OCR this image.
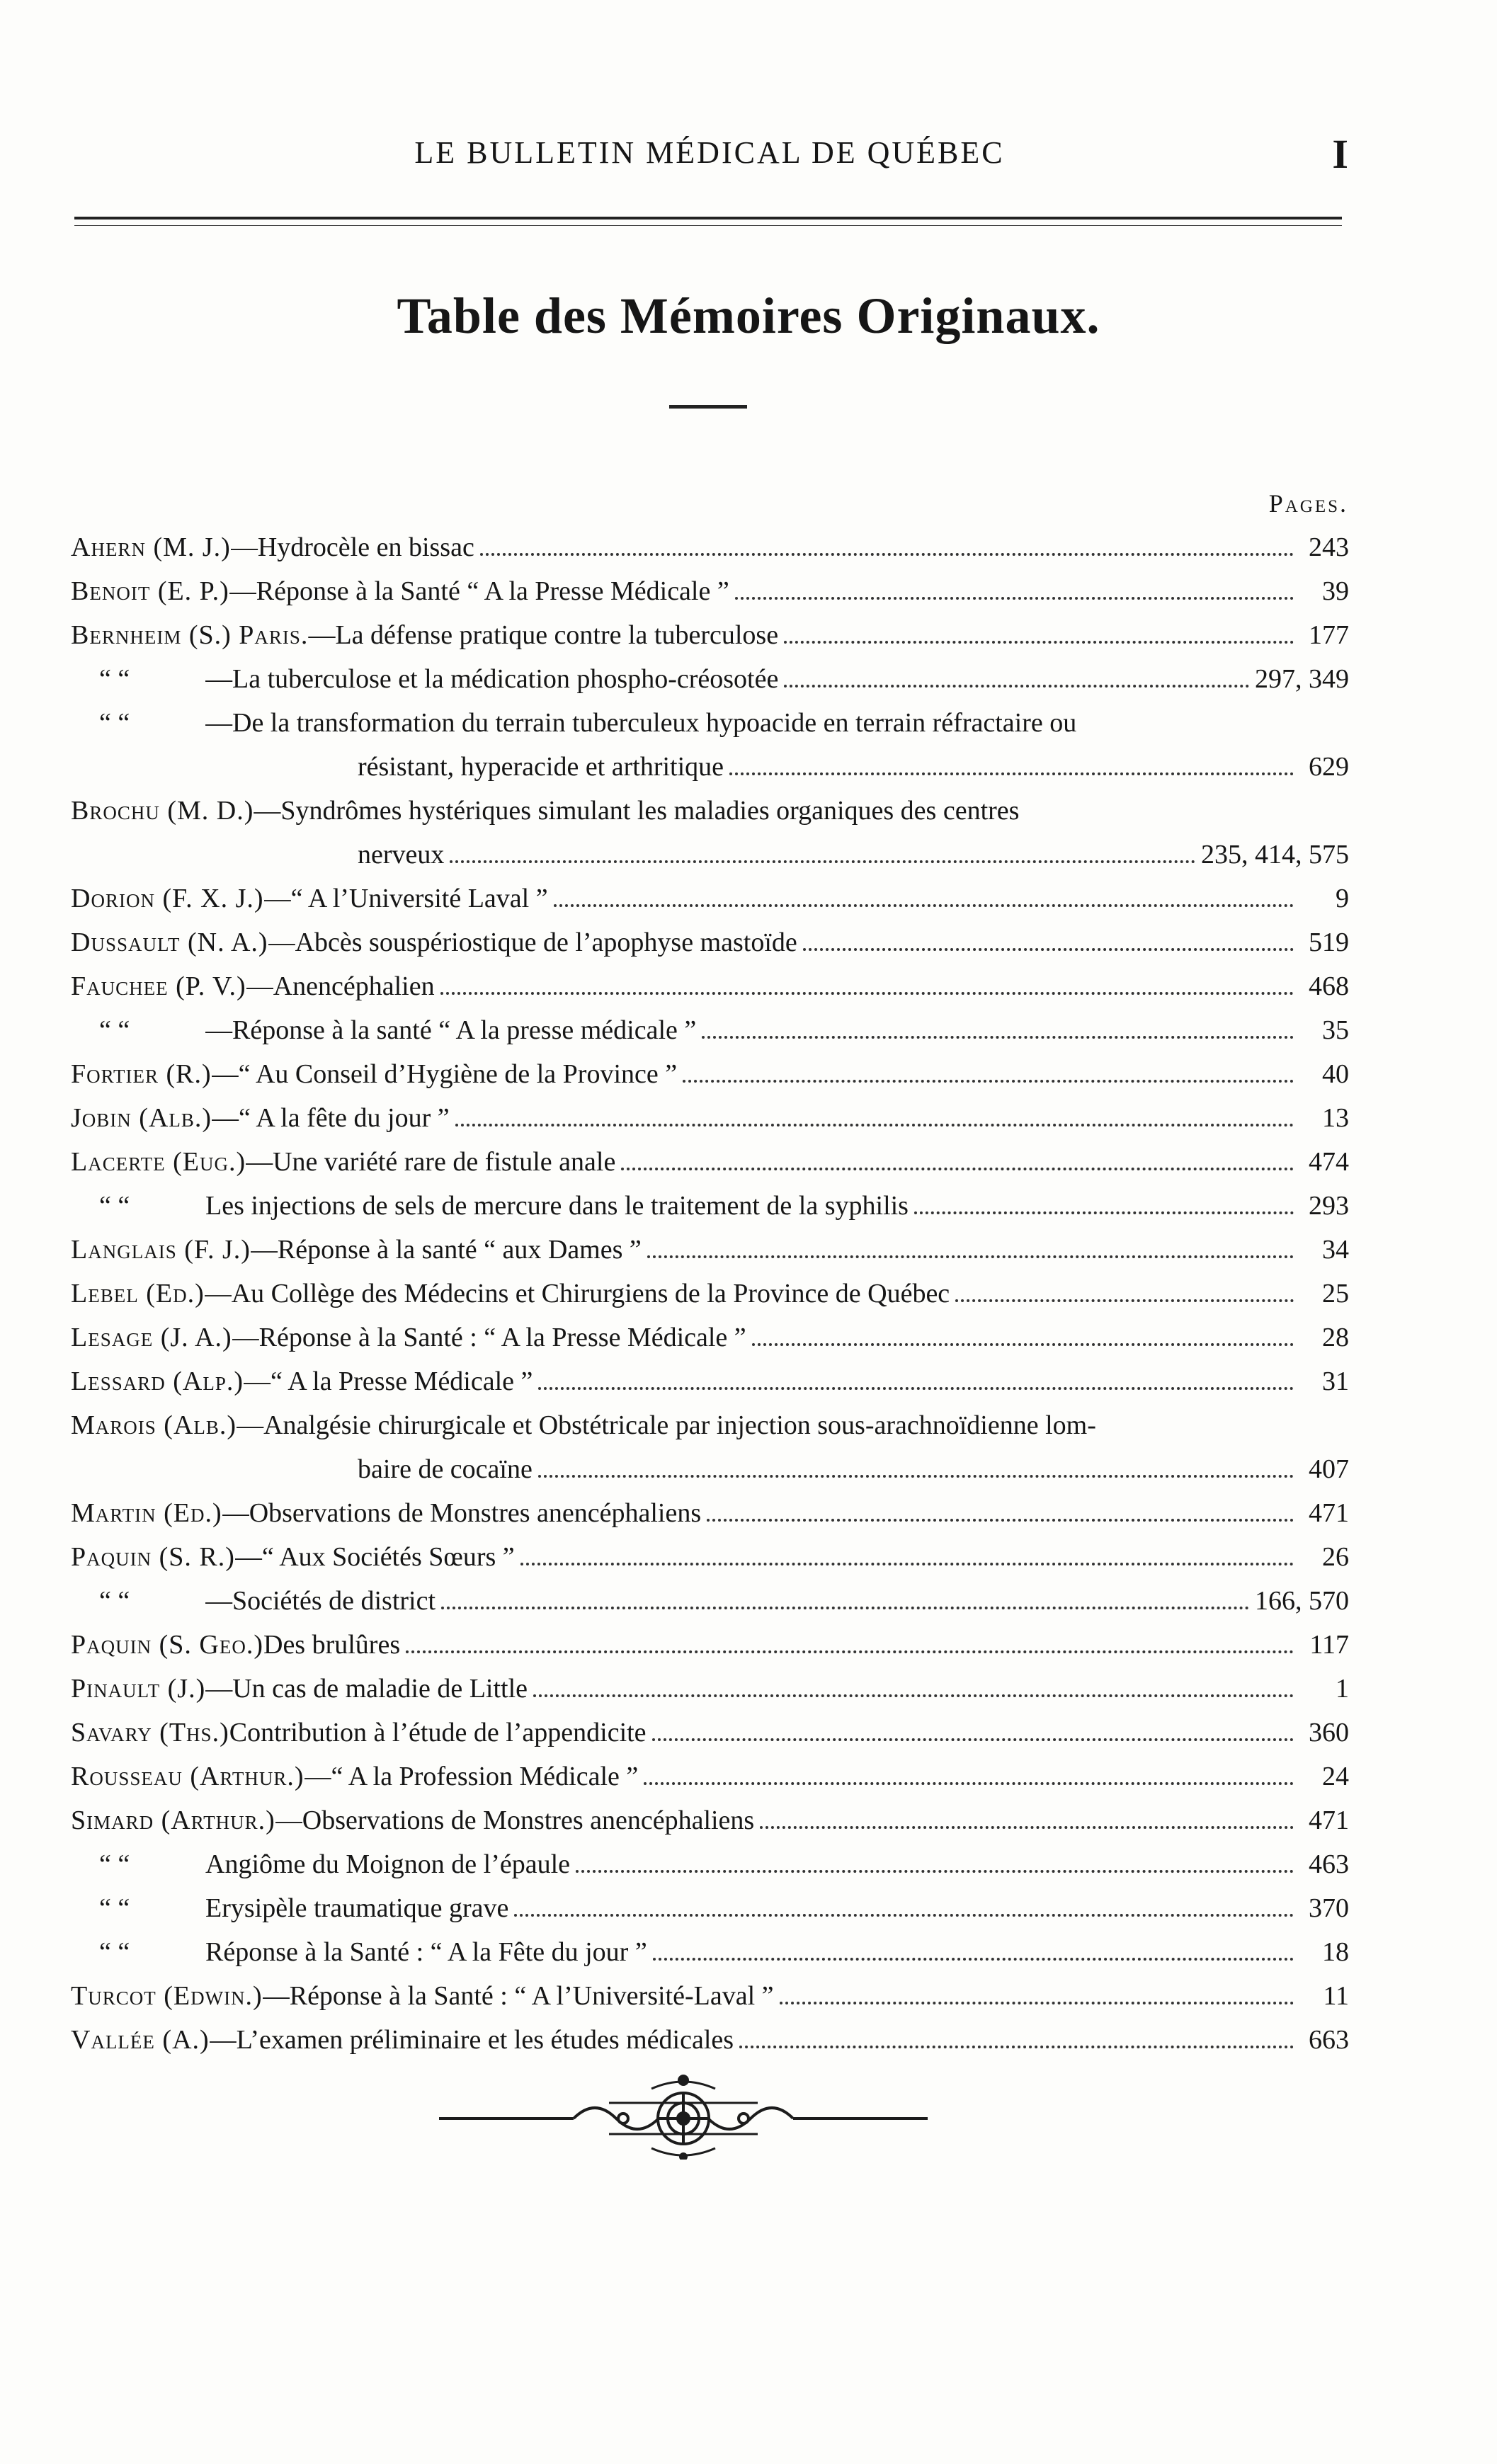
LE BULLETIN MÉDICAL DE QUÉBEC	I
Table des Mémoires Originaux.
Pages.
Ahern (M. J.) —Hydrocèle en bissac	243
Benoit (E. P.) —Réponse à la Santé “ A la Presse Médicale ”	39
Bernheim (S.) Paris. —La défense pratique contre la tuberculose	177
“ “	—La tuberculose et la médication phospho-créosotée	297, 349
“ “	—De la transformation du terrain tuberculeux hypoacide en terrain réfractaire ou
résistant, hyperacide et arthritique	629
Brochu (M. D.) —Syndrômes hystériques simulant les maladies organiques des centres
nerveux	235, 414, 575
Dorion (F. X. J.) —“ A l’Université Laval ”	9
Dussault (N. A.) —Abcès souspériostique de l’apophyse mastoïde	519
Fauchee (P. V.) —Anencéphalien	468
“ “	—Réponse à la santé “ A la presse médicale ”	35
Fortier (R.) —“ Au Conseil d’Hygiène de la Province ”	40
Jobin (Alb.) —“ A la fête du jour ”	13
Lacerte (Eug.) —Une variété rare de fistule anale	474
“ “	Les injections de sels de mercure dans le traitement de la syphilis	293
Langlais (F. J.) —Réponse à la santé “ aux Dames ”	34
Lebel (Ed.) —Au Collège des Médecins et Chirurgiens de la Province de Québec	25
Lesage (J. A.) —Réponse à la Santé : “ A la Presse Médicale ”	28
Lessard (Alp.) —“ A la Presse Médicale ”	31
Marois (Alb.) —Analgésie chirurgicale et Obstétricale par injection sous-arachnoïdienne lom-
baire de cocaïne	407
Martin (Ed.) —Observations de Monstres anencéphaliens	471
Paquin (S. R.) —“ Aux Sociétés Sœurs ”	26
“ “	—Sociétés de district	166, 570
Paquin (S. Geo.) Des brulûres	117
Pinault (J.) —Un cas de maladie de Little	1
Savary (Ths.) Contribution à l’étude de l’appendicite	360
Rousseau (Arthur.) —“ A la Profession Médicale ”	24
Simard (Arthur.) —Observations de Monstres anencéphaliens	471
“ “	Angiôme du Moignon de l’épaule	463
“ “	Erysipèle traumatique grave	370
“ “	Réponse à la Santé : “ A la Fête du jour ”	18
Turcot (Edwin.) —Réponse à la Santé : “ A l’Université-Laval ”	11
Vallée (A.) —L’examen préliminaire et les études médicales	663
